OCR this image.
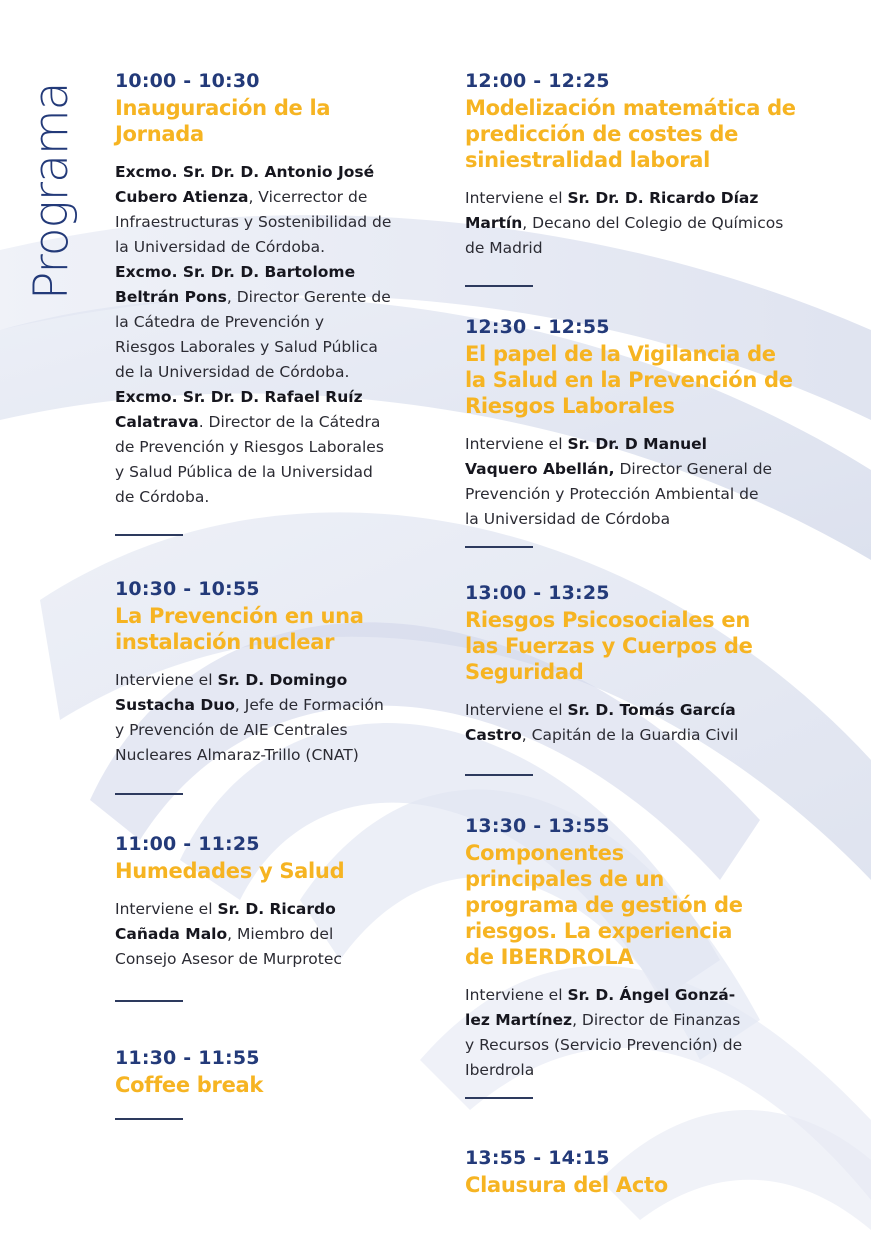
Programa
10:00 - 10:30
Inauguración de la
Jornada
Excmo. Sr. Dr. D. Antonio José
Cubero Atienza, Vicerrector de
Infraestructuras y Sostenibilidad de
la Universidad de Córdoba.
Excmo. Sr. Dr. D. Bartolome
Beltrán Pons, Director Gerente de
la Cátedra de Prevención y
Riesgos Laborales y Salud Pública
de la Universidad de Córdoba.
Excmo. Sr. Dr. D. Rafael Ruíz
Calatrava. Director de la Cátedra
de Prevención y Riesgos Laborales
y Salud Pública de la Universidad
de Córdoba.
10:30 - 10:55
La Prevención en una
instalación nuclear
Interviene el Sr. D. Domingo
Sustacha Duo, Jefe de Formación
y Prevención de AIE Centrales
Nucleares Almaraz-Trillo (CNAT)
11:00 - 11:25
Humedades y Salud
Interviene el Sr. D. Ricardo
Cañada Malo, Miembro del
Consejo Asesor de Murprotec
11:30 - 11:55
Coffee break
12:00 - 12:25
Modelización matemática de
predicción de costes de
siniestralidad laboral
Interviene el Sr. Dr. D. Ricardo Díaz
Martín, Decano del Colegio de Químicos
de Madrid
12:30 - 12:55
El papel de la Vigilancia de
la Salud en la Prevención de
Riesgos Laborales
Interviene el Sr. Dr. D Manuel
Vaquero Abellán, Director General de
Prevención y Protección Ambiental de
la Universidad de Córdoba
13:00 - 13:25
Riesgos Psicosociales en
las Fuerzas y Cuerpos de
Seguridad
Interviene el Sr. D. Tomás García
Castro, Capitán de la Guardia Civil
13:30 - 13:55
Componentes
principales de un
programa de gestión de
riesgos. La experiencia
de IBERDROLA
Interviene el Sr. D. Ángel Gonzá-
lez Martínez, Director de Finanzas
y Recursos (Servicio Prevención) de
Iberdrola
13:55 - 14:15
Clausura del Acto
